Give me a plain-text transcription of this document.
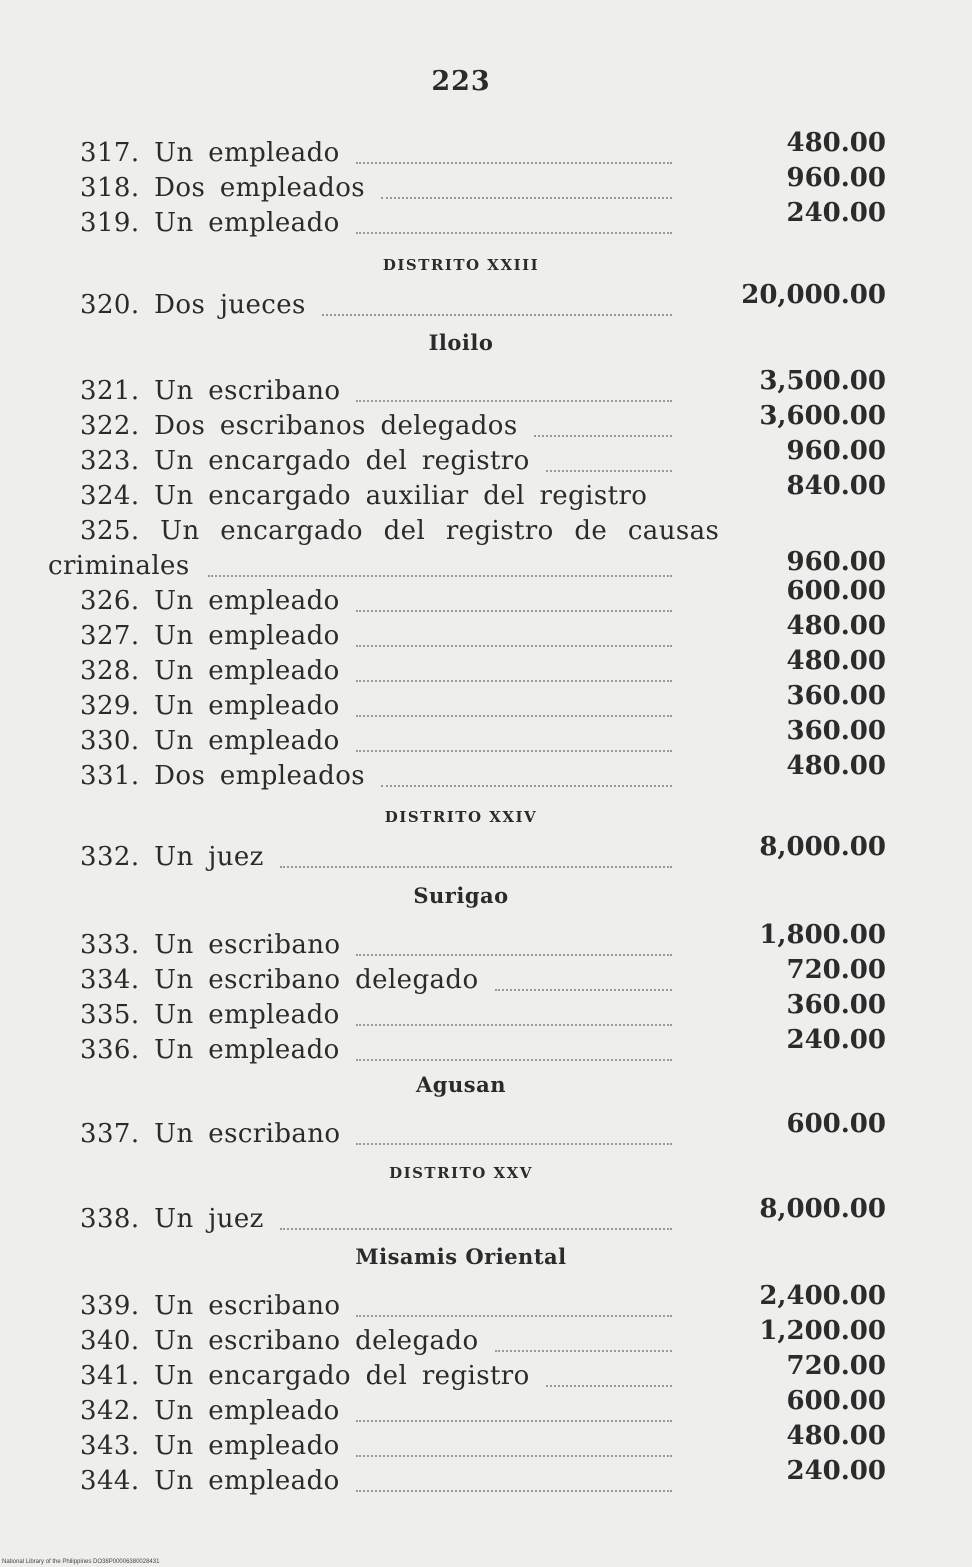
223
317. Un empleado	480.00
318. Dos empleados	960.00
319. Un empleado	240.00
DISTRITO XXIII
320. Dos jueces	20,000.00
Iloilo
321. Un escribano	3,500.00
322. Dos escribanos delegados	3,600.00
323. Un encargado del registro	960.00
324. Un encargado auxiliar del registro	840.00
325. Un encargado del registro de causas
criminales	960.00
326. Un empleado	600.00
327. Un empleado	480.00
328. Un empleado	480.00
329. Un empleado	360.00
330. Un empleado	360.00
331. Dos empleados	480.00
DISTRITO XXIV
332. Un juez	8,000.00
Surigao
333. Un escribano	1,800.00
334. Un escribano delegado	720.00
335. Un empleado	360.00
336. Un empleado	240.00
Agusan
337. Un escribano	600.00
DISTRITO XXV
338. Un juez	8,000.00
Misamis Oriental
339. Un escribano	2,400.00
340. Un escribano delegado	1,200.00
341. Un encargado del registro	720.00
342. Un empleado	600.00
343. Un empleado	480.00
344. Un empleado	240.00
National Library of the Philippines DO38P00006380028431
